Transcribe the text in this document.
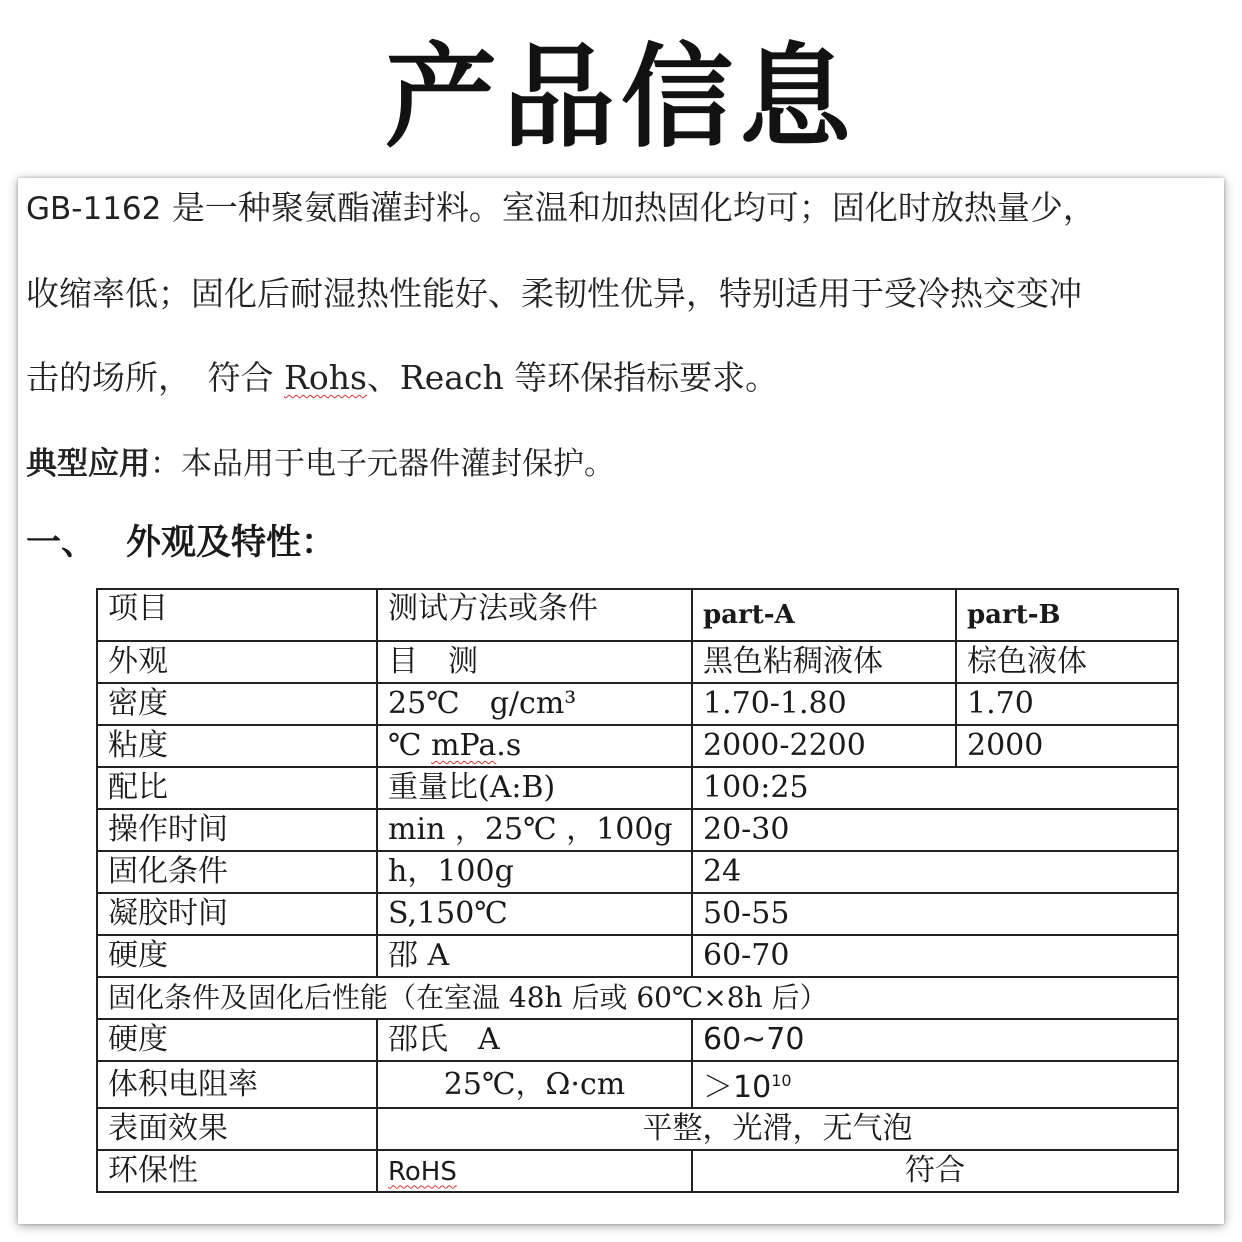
产品信息
GB-1162 是一种聚氨酯灌封料。室温和加热固化均可；固化时放热量少，
收缩率低；固化后耐湿热性能好、柔韧性优异，特别适用于受冷热交变冲
击的场所，　符合 Rohs、Reach 等环保指标要求。
典型应用：本品用于电子元器件灌封保护。
一、 外观及特性：
项目	测试方法或条件	part-A	part-B
外观	目　测	黑色粘稠液体	棕色液体
密度	25℃　g/cm³	1.70-1.80	1.70
粘度	℃ mPa.s	2000-2200	2000
配比	重量比(A:B)	100:25	
操作时间	min ，25℃ ，100g	20-30	
固化条件	h，100g	24	
凝胶时间	S,150℃	50-55	
硬度	邵 A	60-70	
固化条件及固化后性能（在室温 48h 后或 60℃×8h 后）			
硬度	邵氏　A	60~70	
体积电阻率	25℃，Ω·cm	$>10^{10}$
表面效果	平整，光滑，无气泡		
环保性	RoHS	符合	
